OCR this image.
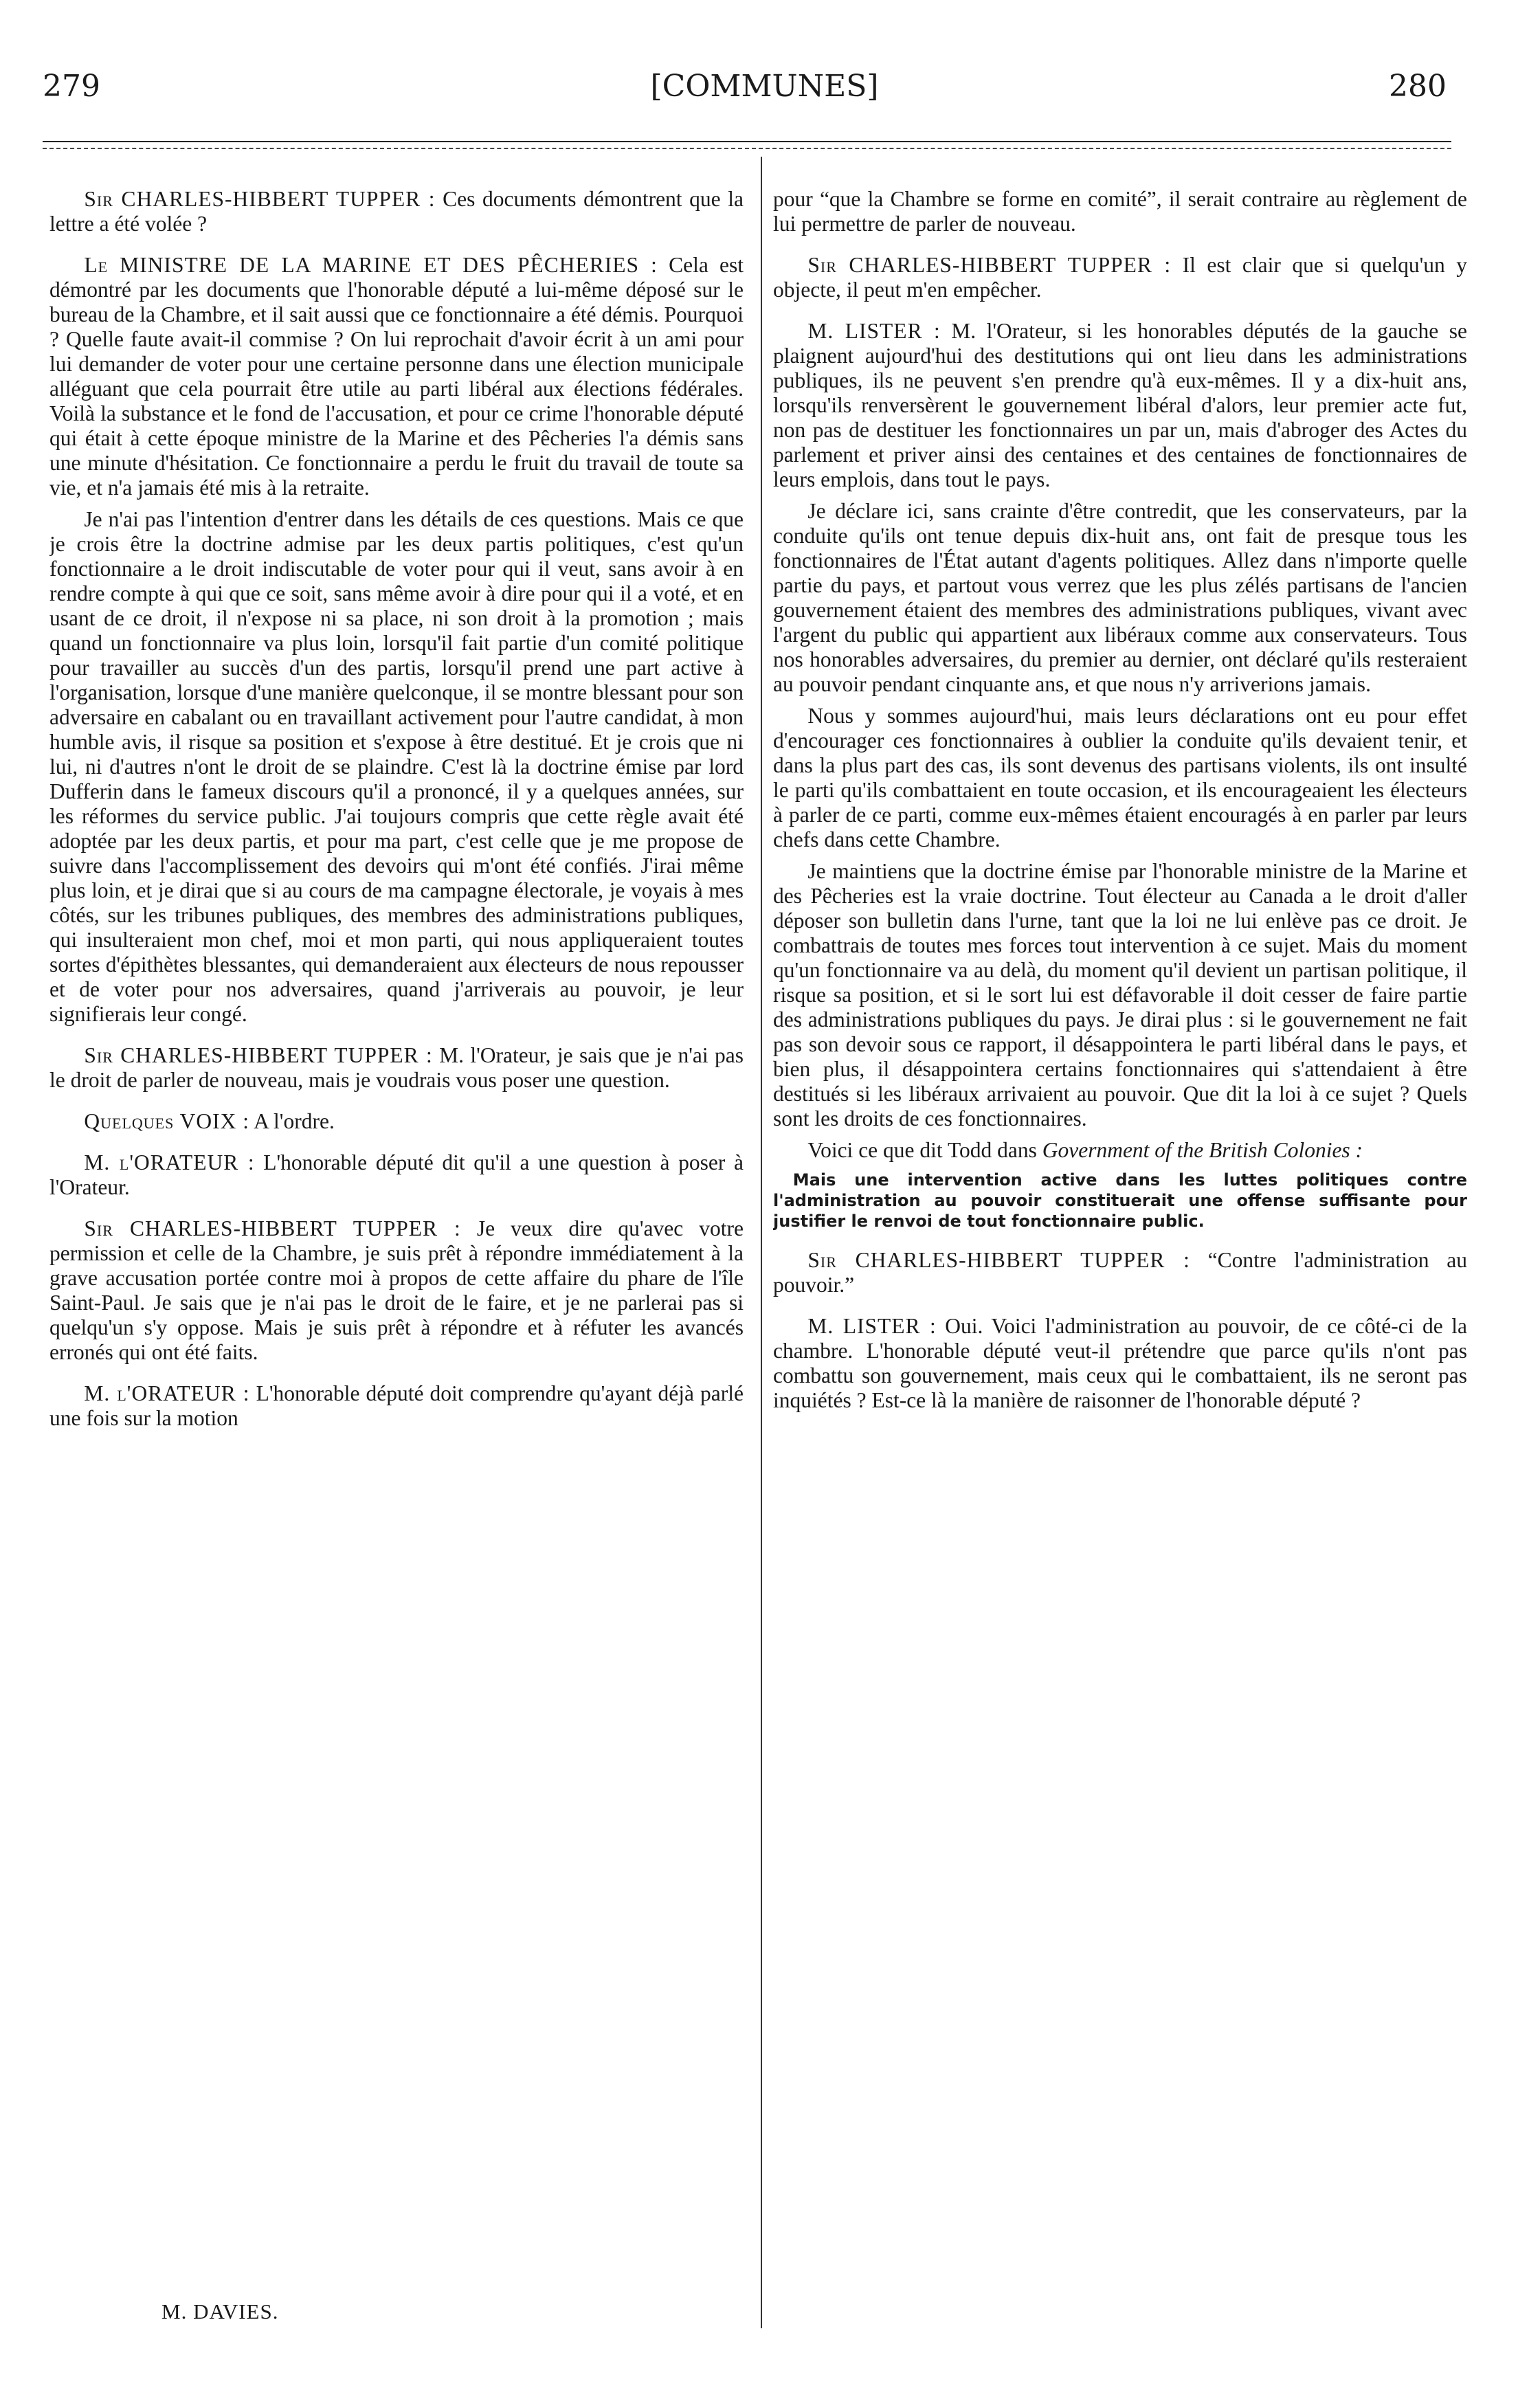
279	[COMMUNES]	280

Sir CHARLES-HIBBERT TUPPER : Ces documents démontrent que la lettre a été volée ?

Le MINISTRE DE LA MARINE ET DES PÊCHERIES : Cela est démontré par les documents que l'honorable député a lui-même déposé sur le bureau de la Chambre, et il sait aussi que ce fonctionnaire a été démis. Pourquoi ? Quelle faute avait-il commise ? On lui reprochait d'avoir écrit à un ami pour lui demander de voter pour une certaine personne dans une élection municipale alléguant que cela pourrait être utile au parti libéral aux élections fédérales. Voilà la substance et le fond de l'accusation, et pour ce crime l'honorable député qui était à cette époque ministre de la Marine et des Pêcheries l'a démis sans une minute d'hésitation. Ce fonctionnaire a perdu le fruit du travail de toute sa vie, et n'a jamais été mis à la retraite.

Je n'ai pas l'intention d'entrer dans les détails de ces questions. Mais ce que je crois être la doctrine admise par les deux partis politiques, c'est qu'un fonctionnaire a le droit indiscutable de voter pour qui il veut, sans avoir à en rendre compte à qui que ce soit, sans même avoir à dire pour qui il a voté, et en usant de ce droit, il n'expose ni sa place, ni son droit à la promotion ; mais quand un fonctionnaire va plus loin, lorsqu'il fait partie d'un comité politique pour travailler au succès d'un des partis, lorsqu'il prend une part active à l'organisation, lorsque d'une manière quelconque, il se montre blessant pour son adversaire en cabalant ou en travaillant activement pour l'autre candidat, à mon humble avis, il risque sa position et s'expose à être destitué. Et je crois que ni lui, ni d'autres n'ont le droit de se plaindre. C'est là la doctrine émise par lord Dufferin dans le fameux discours qu'il a prononcé, il y a quelques années, sur les réformes du service public. J'ai toujours compris que cette règle avait été adoptée par les deux partis, et pour ma part, c'est celle que je me propose de suivre dans l'accomplissement des devoirs qui m'ont été confiés. J'irai même plus loin, et je dirai que si au cours de ma campagne électorale, je voyais à mes côtés, sur les tribunes publiques, des membres des administrations publiques, qui insulteraient mon chef, moi et mon parti, qui nous appliqueraient toutes sortes d'épithètes blessantes, qui demanderaient aux électeurs de nous repousser et de voter pour nos adversaires, quand j'arriverais au pouvoir, je leur signifierais leur congé.

Sir CHARLES-HIBBERT TUPPER : M. l'Orateur, je sais que je n'ai pas le droit de parler de nouveau, mais je voudrais vous poser une question.

Quelques VOIX : A l'ordre.

M. l'ORATEUR : L'honorable député dit qu'il a une question à poser à l'Orateur.

Sir CHARLES-HIBBERT TUPPER : Je veux dire qu'avec votre permission et celle de la Chambre, je suis prêt à répondre immédiatement à la grave accusation portée contre moi à propos de cette affaire du phare de l'île Saint-Paul. Je sais que je n'ai pas le droit de le faire, et je ne parlerai pas si quelqu'un s'y oppose. Mais je suis prêt à répondre et à réfuter les avancés erronés qui ont été faits.

M. l'ORATEUR : L'honorable député doit comprendre qu'ayant déjà parlé une fois sur la motion

M. DAVIES.

pour “que la Chambre se forme en comité”, il serait contraire au règlement de lui permettre de parler de nouveau.

Sir CHARLES-HIBBERT TUPPER : Il est clair que si quelqu'un y objecte, il peut m'en empêcher.

M. LISTER : M. l'Orateur, si les honorables députés de la gauche se plaignent aujourd'hui des destitutions qui ont lieu dans les administrations publiques, ils ne peuvent s'en prendre qu'à eux-mêmes. Il y a dix-huit ans, lorsqu'ils renversèrent le gouvernement libéral d'alors, leur premier acte fut, non pas de destituer les fonctionnaires un par un, mais d'abroger des Actes du parlement et priver ainsi des centaines et des centaines de fonctionnaires de leurs emplois, dans tout le pays.

Je déclare ici, sans crainte d'être contredit, que les conservateurs, par la conduite qu'ils ont tenue depuis dix-huit ans, ont fait de presque tous les fonctionnaires de l'État autant d'agents politiques. Allez dans n'importe quelle partie du pays, et partout vous verrez que les plus zélés partisans de l'ancien gouvernement étaient des membres des administrations publiques, vivant avec l'argent du public qui appartient aux libéraux comme aux conservateurs. Tous nos honorables adversaires, du premier au dernier, ont déclaré qu'ils resteraient au pouvoir pendant cinquante ans, et que nous n'y arriverions jamais.

Nous y sommes aujourd'hui, mais leurs déclarations ont eu pour effet d'encourager ces fonctionnaires à oublier la conduite qu'ils devaient tenir, et dans la plus part des cas, ils sont devenus des partisans violents, ils ont insulté le parti qu'ils combattaient en toute occasion, et ils encourageaient les électeurs à parler de ce parti, comme eux-mêmes étaient encouragés à en parler par leurs chefs dans cette Chambre.

Je maintiens que la doctrine émise par l'honorable ministre de la Marine et des Pêcheries est la vraie doctrine. Tout électeur au Canada a le droit d'aller déposer son bulletin dans l'urne, tant que la loi ne lui enlève pas ce droit. Je combattrais de toutes mes forces tout intervention à ce sujet. Mais du moment qu'un fonctionnaire va au delà, du moment qu'il devient un partisan politique, il risque sa position, et si le sort lui est défavorable il doit cesser de faire partie des administrations publiques du pays. Je dirai plus : si le gouvernement ne fait pas son devoir sous ce rapport, il désappointera le parti libéral dans le pays, et bien plus, il désappointera certains fonctionnaires qui s'attendaient à être destitués si les libéraux arrivaient au pouvoir. Que dit la loi à ce sujet ? Quels sont les droits de ces fonctionnaires.

Voici ce que dit Todd dans Government of the British Colonies :

Mais une intervention active dans les luttes politiques contre l'administration au pouvoir constituerait une offense suffisante pour justifier le renvoi de tout fonctionnaire public.

Sir CHARLES-HIBBERT TUPPER : “Contre l'administration au pouvoir.”

M. LISTER : Oui. Voici l'administration au pouvoir, de ce côté-ci de la chambre. L'honorable député veut-il prétendre que parce qu'ils n'ont pas combattu son gouvernement, mais ceux qui le combattaient, ils ne seront pas inquiétés ? Est-ce là la manière de raisonner de l'honorable député ?
